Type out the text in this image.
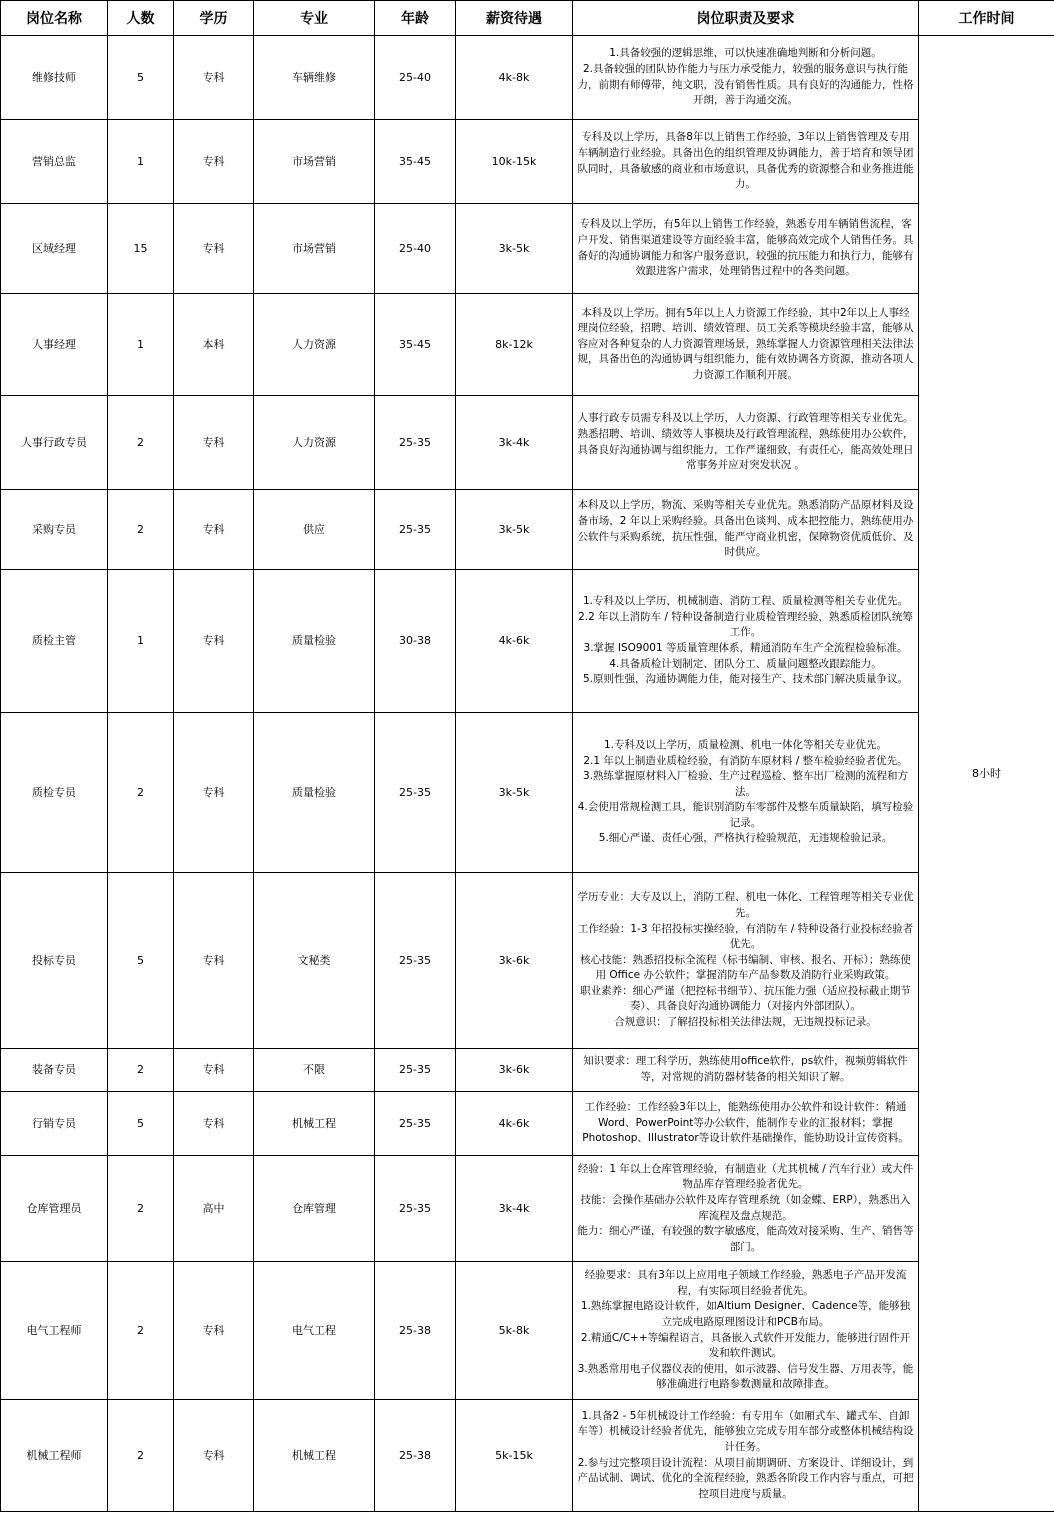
岗位名称	人数	学历	专业	年龄	薪资待遇	岗位职责及要求	工作时间
维修技师	5	专科	车辆维修	25-40	4k-8k	1.具备较强的逻辑思维，可以快速准确地判断和分析问题。
2.具备较强的团队协作能力与压力承受能力，较强的服务意识与执行能力，前期有师傅带，纯文职，没有销售性质。具有良好的沟通能力，性格开朗，善于沟通交流。	8小时
营销总监	1	专科	市场营销	35-45	10k-15k	专科及以上学历，具备8年以上销售工作经验，3年以上销售管理及专用车辆制造行业经验。具备出色的组织管理及协调能力，善于培育和领导团队同时，具备敏感的商业和市场意识，具备优秀的资源整合和业务推进能力。	

区域经理	15	专科	市场营销	25-40	3k-5k	专科及以上学历，有5年以上销售工作经验，熟悉专用车辆销售流程，客户开发、销售渠道建设等方面经验丰富，能够高效完成个人销售任务。具备好的沟通协调能力和客户服务意识，较强的抗压能力和执行力，能够有效跟进客户需求，处理销售过程中的各类问题。	

人事经理	1	本科	人力资源	35-45	8k-12k	本科及以上学历。拥有5年以上人力资源工作经验，其中2年以上人事经理岗位经验，招聘、培训、绩效管理、员工关系等模块经验丰富，能够从容应对各种复杂的人力资源管理场景，熟练掌握人力资源管理相关法律法规，具备出色的沟通协调与组织能力，能有效协调各方资源，推动各项人力资源工作顺利开展。	

人事行政专员	2	专科	人力资源	25-35	3k-4k	人事行政专员需专科及以上学历，人力资源、行政管理等相关专业优先。熟悉招聘、培训、绩效等人事模块及行政管理流程，熟练使用办公软件，具备良好沟通协调与组织能力，工作严谨细致，有责任心，能高效处理日常事务并应对突发状况 。	

采购专员	2	专科	供应	25-35	3k-5k	本科及以上学历，物流、采购等相关专业优先。熟悉消防产品原材料及设备市场，2 年以上采购经验。具备出色谈判、成本把控能力，熟练使用办公软件与采购系统，抗压性强，能严守商业机密，保障物资优质低价、及时供应。	

质检主管	1	专科	质量检验	30-38	4k-6k	1.专科及以上学历，机械制造、消防工程、质量检测等相关专业优先。
2.2 年以上消防车 / 特种设备制造行业质检管理经验，熟悉质检团队统筹工作。
3.掌握 ISO9001 等质量管理体系，精通消防车生产全流程检验标准。
4.具备质检计划制定、团队分工、质量问题整改跟踪能力。
5.原则性强，沟通协调能力佳，能对接生产、技术部门解决质量争议。	

质检专员	2	专科	质量检验	25-35	3k-5k	1.专科及以上学历，质量检测、机电一体化等相关专业优先。
2.1 年以上制造业质检经验，有消防车原材料 / 整车检验经验者优先。
3.熟练掌握原材料入厂检验、生产过程巡检、整车出厂检测的流程和方法。
4.会使用常规检测工具，能识别消防车零部件及整车质量缺陷，填写检验记录。
5.细心严谨、责任心强，严格执行检验规范，无违规检验记录。	

投标专员	5	专科	文秘类	25-35	3k-6k	学历专业：大专及以上，消防工程、机电一体化、工程管理等相关专业优先。
工作经验：1-3 年招投标实操经验，有消防车 / 特种设备行业投标经验者优先。
核心技能：熟悉招投标全流程（标书编制、审核、报名、开标）；熟练使用 Office 办公软件；掌握消防车产品参数及消防行业采购政策。
职业素养：细心严谨（把控标书细节）、抗压能力强（适应投标截止期节奏）、具备良好沟通协调能力（对接内外部团队）。
合规意识：了解招投标相关法律法规，无违规投标记录。	

装备专员	2	专科	不限	25-35	3k-6k	知识要求：理工科学历，熟练使用office软件，ps软件，视频剪辑软件等，对常规的消防器材装备的相关知识了解。	

行销专员	5	专科	机械工程	25-35	4k-6k	工作经验：工作经验3年以上，能熟练使用办公软件和设计软件：精通Word、PowerPoint等办公软件，能制作专业的汇报材料；掌握Photoshop、Illustrator等设计软件基础操作，能协助设计宣传资料。	

仓库管理员	2	高中	仓库管理	25-35	3k-4k	经验：1 年以上仓库管理经验，有制造业（尤其机械 / 汽车行业）或大件物品库存管理经验者优先。
技能：会操作基础办公软件及库存管理系统（如金蝶、ERP），熟悉出入库流程及盘点规范。
能力：细心严谨，有较强的数字敏感度，能高效对接采购、生产、销售等部门。	

电气工程师	2	专科	电气工程	25-38	5k-8k	经验要求：具有3年以上应用电子领域工作经验，熟悉电子产品开发流程，有实际项目经验者优先。
1.熟练掌握电路设计软件，如Altium Designer、Cadence等，能够独立完成电路原理图设计和PCB布局。
2.精通C/C++等编程语言，具备嵌入式软件开发能力，能够进行固件开发和软件测试。
3.熟悉常用电子仪器仪表的使用，如示波器、信号发生器、万用表等，能够准确进行电路参数测量和故障排查。	

机械工程师	2	专科	机械工程	25-38	5k-15k	1.具备2 - 5年机械设计工作经验：有专用车（如厢式车、罐式车、自卸车等）机械设计经验者优先，能够独立完成专用车部分或整体机械结构设计任务。
2.参与过完整项目设计流程：从项目前期调研、方案设计、详细设计，到产品试制、调试、优化的全流程经验，熟悉各阶段工作内容与重点，可把控项目进度与质量。	
